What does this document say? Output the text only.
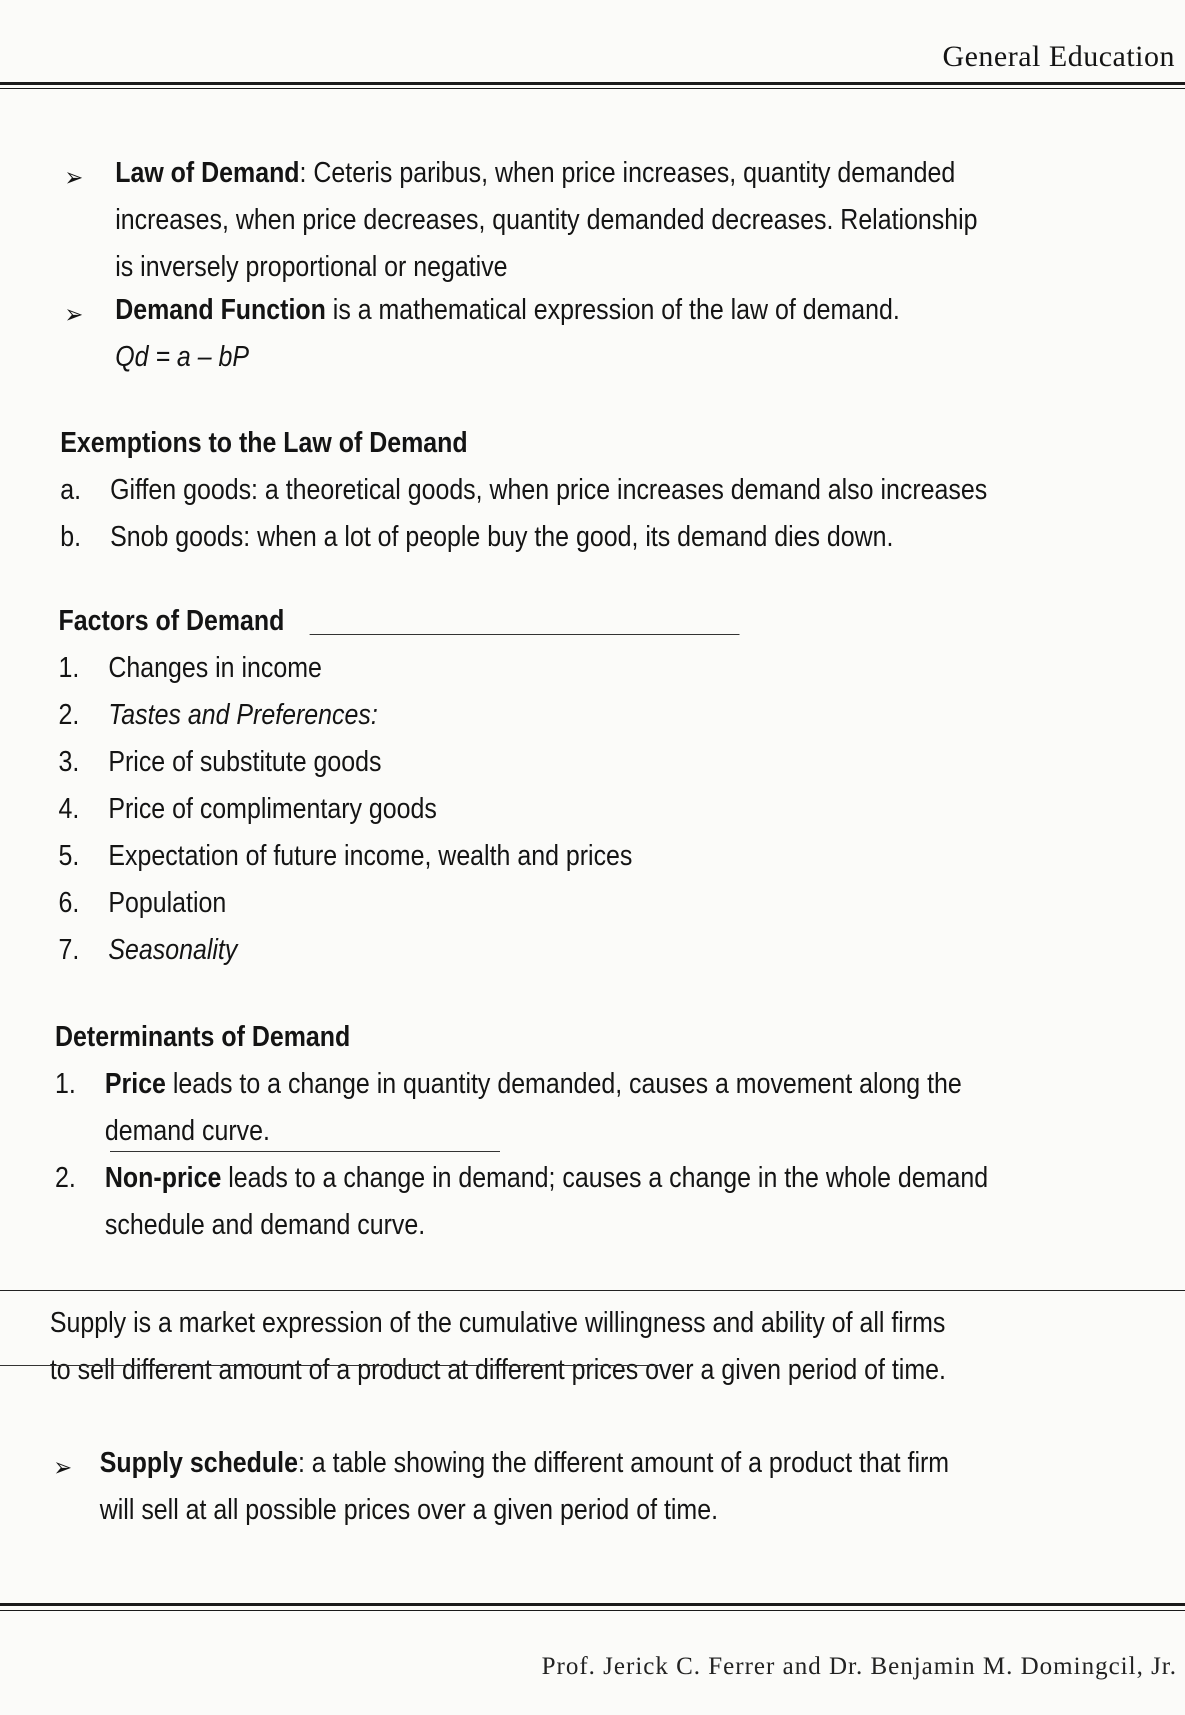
General Education
➢ Law of Demand: Ceteris paribus, when price increases, quantity demanded
increases, when price decreases, quantity demanded decreases. Relationship
is inversely proportional or negative
➢ Demand Function is a mathematical expression of the law of demand.
Qd = a – bP
Exemptions to the Law of Demand
a. Giffen goods: a theoretical goods, when price increases demand also increases
b. Snob goods: when a lot of people buy the good, its demand dies down.
Factors of Demand
1. Changes in income
2. Tastes and Preferences:
3. Price of substitute goods
4. Price of complimentary goods
5. Expectation of future income, wealth and prices
6. Population
7. Seasonality
Determinants of Demand
1. Price leads to a change in quantity demanded, causes a movement along the
demand curve.
2. Non-price leads to a change in demand; causes a change in the whole demand
schedule and demand curve.
Supply is a market expression of the cumulative willingness and ability of all firms
to sell different amount of a product at different prices over a given period of time.
➢ Supply schedule: a table showing the different amount of a product that firm
will sell at all possible prices over a given period of time.
Prof. Jerick C. Ferrer and Dr. Benjamin M. Domingcil, Jr.
